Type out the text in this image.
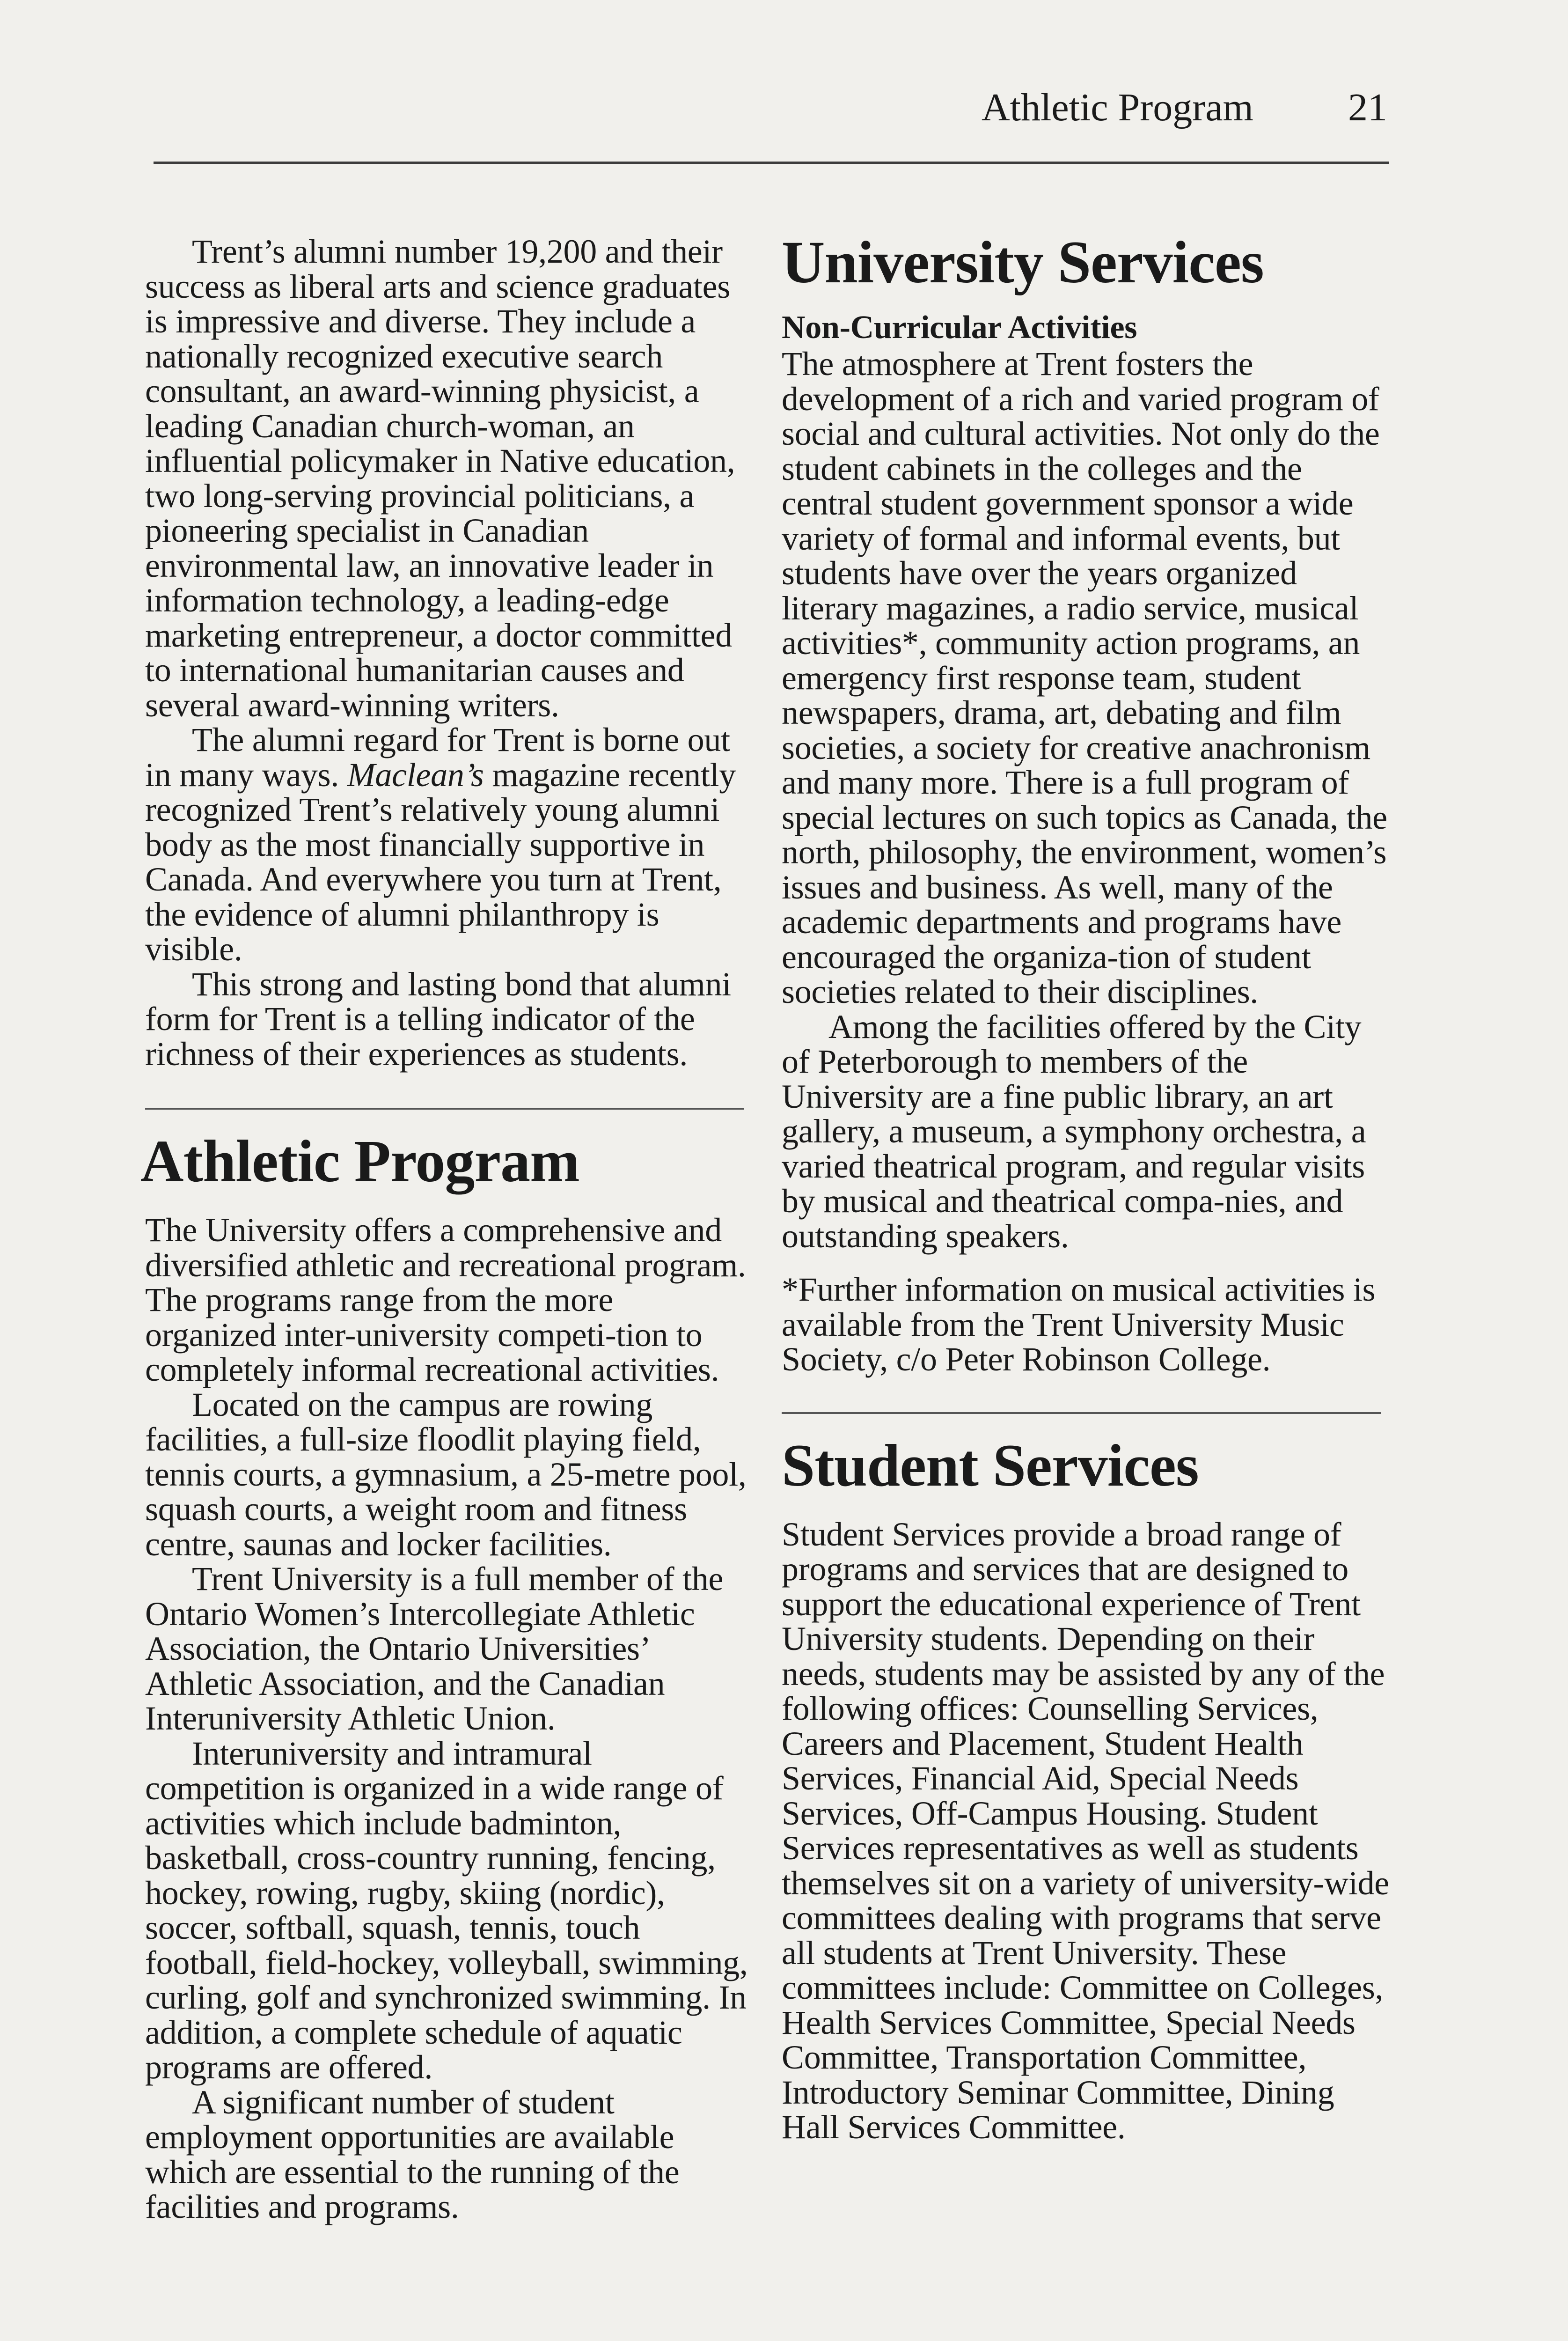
Athletic Program 21

Trent’s alumni number 19,200 and their success as liberal arts and science graduates is impressive and diverse. They include a nationally recognized executive search consultant, an award-winning physicist, a leading Canadian church-woman, an influential policymaker in Native education, two long-serving provincial politicians, a pioneering specialist in Canadian environmental law, an innovative leader in information technology, a leading-edge marketing entrepreneur, a doctor committed to international humanitarian causes and several award-winning writers.

The alumni regard for Trent is borne out in many ways. Maclean’s magazine recently recognized Trent’s relatively young alumni body as the most financially supportive in Canada. And everywhere you turn at Trent, the evidence of alumni philanthropy is visible.

This strong and lasting bond that alumni form for Trent is a telling indicator of the richness of their experiences as students.

Athletic Program

The University offers a comprehensive and diversified athletic and recreational program. The programs range from the more organized inter-university competi-tion to completely informal recreational activities.

Located on the campus are rowing facilities, a full-size floodlit playing field, tennis courts, a gymnasium, a 25-metre pool, squash courts, a weight room and fitness centre, saunas and locker facilities.

Trent University is a full member of the Ontario Women’s Intercollegiate Athletic Association, the Ontario Universities’ Athletic Association, and the Canadian Interuniversity Athletic Union.

Interuniversity and intramural competition is organized in a wide range of activities which include badminton, basketball, cross-country running, fencing, hockey, rowing, rugby, skiing (nordic), soccer, softball, squash, tennis, touch football, field-hockey, volleyball, swimming, curling, golf and synchronized swimming. In addition, a complete schedule of aquatic programs are offered.

A significant number of student employment opportunities are available which are essential to the running of the facilities and programs.

University Services
Non-Curricular Activities

The atmosphere at Trent fosters the development of a rich and varied program of social and cultural activities. Not only do the student cabinets in the colleges and the central student government sponsor a wide variety of formal and informal events, but students have over the years organized literary magazines, a radio service, musical activities*, community action programs, an emergency first response team, student newspapers, drama, art, debating and film societies, a society for creative anachronism and many more. There is a full program of special lectures on such topics as Canada, the north, philosophy, the environment, women’s issues and business. As well, many of the academic departments and programs have encouraged the organiza-tion of student societies related to their disciplines.

Among the facilities offered by the City of Peterborough to members of the University are a fine public library, an art gallery, a museum, a symphony orchestra, a varied theatrical program, and regular visits by musical and theatrical compa-nies, and outstanding speakers.

*Further information on musical activities is available from the Trent University Music Society, c/o Peter Robinson College.

Student Services

Student Services provide a broad range of programs and services that are designed to support the educational experience of Trent University students. Depending on their needs, students may be assisted by any of the following offices: Counselling Services, Careers and Placement, Student Health Services, Financial Aid, Special Needs Services, Off-Campus Housing. Student Services representatives as well as students themselves sit on a variety of university-wide committees dealing with programs that serve all students at Trent University. These committees include: Committee on Colleges, Health Services Committee, Special Needs Committee, Transportation Committee, Introductory Seminar Committee, Dining Hall Services Committee.
